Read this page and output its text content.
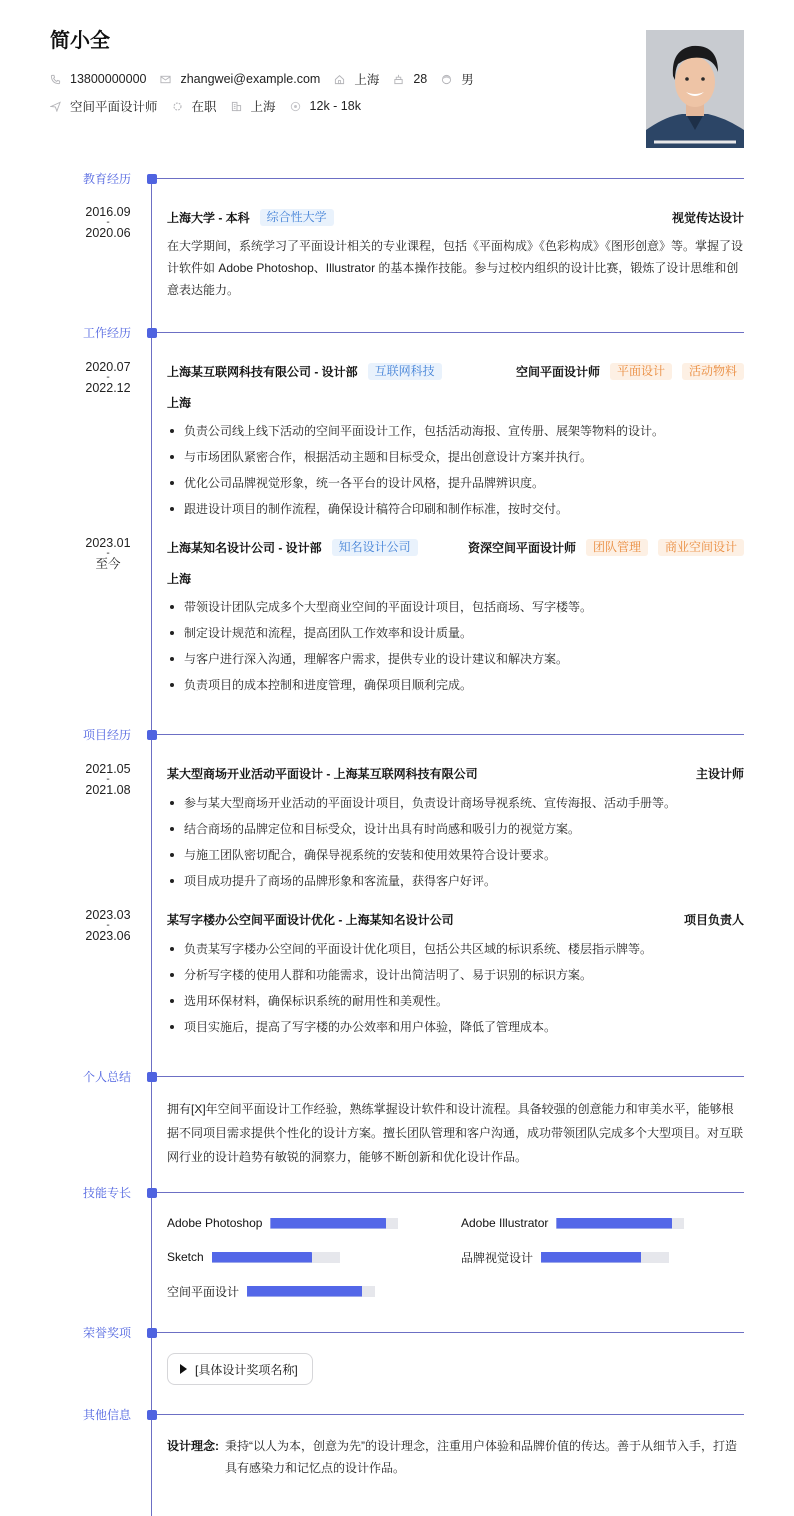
简小全
13800000000	zhangwei@example.com	上海	28	男
空间平面设计师	在职	上海	12k - 18k
教育经历
2016.09
-
2020.06
上海大学 - 本科	综合性大学	视觉传达设计
在大学期间，系统学习了平面设计相关的专业课程，包括《平面构成》《色彩构成》《图形创意》等。掌握了设计软件如 Adobe Photoshop、Illustrator 的基本操作技能。参与过校内组织的设计比赛，锻炼了设计思维和创意表达能力。
工作经历
2020.07
-
2022.12
上海某互联网科技有限公司 - 设计部	互联网科技	空间平面设计师	平面设计	活动物料
上海
负责公司线上线下活动的空间平面设计工作，包括活动海报、宣传册、展架等物料的设计。
与市场团队紧密合作，根据活动主题和目标受众，提出创意设计方案并执行。
优化公司品牌视觉形象，统一各平台的设计风格，提升品牌辨识度。
跟进设计项目的制作流程，确保设计稿符合印刷和制作标准，按时交付。
2023.01
-
至今
上海某知名设计公司 - 设计部	知名设计公司	资深空间平面设计师	团队管理	商业空间设计
上海
带领设计团队完成多个大型商业空间的平面设计项目，包括商场、写字楼等。
制定设计规范和流程，提高团队工作效率和设计质量。
与客户进行深入沟通，理解客户需求，提供专业的设计建议和解决方案。
负责项目的成本控制和进度管理，确保项目顺利完成。
项目经历
2021.05
-
2021.08
某大型商场开业活动平面设计 - 上海某互联网科技有限公司	主设计师
参与某大型商场开业活动的平面设计项目，负责设计商场导视系统、宣传海报、活动手册等。
结合商场的品牌定位和目标受众，设计出具有时尚感和吸引力的视觉方案。
与施工团队密切配合，确保导视系统的安装和使用效果符合设计要求。
项目成功提升了商场的品牌形象和客流量，获得客户好评。
2023.03
-
2023.06
某写字楼办公空间平面设计优化 - 上海某知名设计公司	项目负责人
负责某写字楼办公空间的平面设计优化项目，包括公共区域的标识系统、楼层指示牌等。
分析写字楼的使用人群和功能需求，设计出简洁明了、易于识别的标识方案。
选用环保材料，确保标识系统的耐用性和美观性。
项目实施后，提高了写字楼的办公效率和用户体验，降低了管理成本。
个人总结
拥有[X]年空间平面设计工作经验，熟练掌握设计软件和设计流程。具备较强的创意能力和审美水平，能够根据不同项目需求提供个性化的设计方案。擅长团队管理和客户沟通，成功带领团队完成多个大型项目。对互联网行业的设计趋势有敏锐的洞察力，能够不断创新和优化设计作品。
技能专长
Adobe Photoshop	Adobe Illustrator
Sketch	品牌视觉设计
空间平面设计
荣誉奖项
[具体设计奖项名称]
其他信息
设计理念: 秉持“以人为本，创意为先”的设计理念，注重用户体验和品牌价值的传达。善于从细节入手，打造具有感染力和记忆点的设计作品。
